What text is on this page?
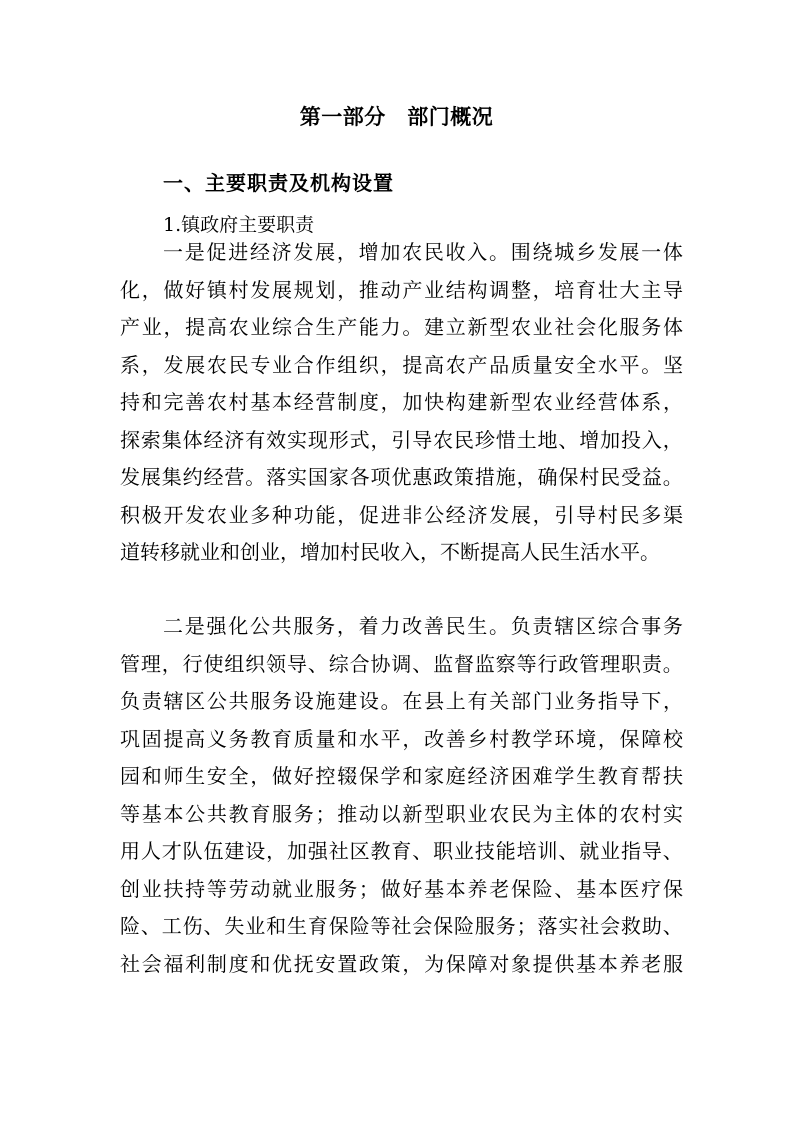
第一部分　部门概况
一、主要职责及机构设置
1.镇政府主要职责
一 是 促 进 经 济 发 展 ， 增 加 农 民 收 入 。 围 绕 城 乡 发 展 一 体
化 ， 做 好 镇 村 发 展 规 划 ， 推 动 产 业 结 构 调 整 ， 培 育 壮 大 主 导
产 业 ， 提 高 农 业 综 合 生 产 能 力 。 建 立 新 型 农 业 社 会 化 服 务 体
系 ， 发 展 农 民 专 业 合 作 组 织 ， 提 高 农 产 品 质 量 安 全 水 平 。 坚
持 和 完 善 农 村 基 本 经 营 制 度 ， 加 快 构 建 新 型 农 业 经 营 体 系 ，
探 索 集 体 经 济 有 效 实 现 形 式 ， 引 导 农 民 珍 惜 土 地 、 增 加 投 入 ，
发 展 集 约 经 营 。 落 实 国 家 各 项 优 惠 政 策 措 施 ， 确 保 村 民 受 益 。
积 极 开 发 农 业 多 种 功 能 ， 促 进 非 公 经 济 发 展 ， 引 导 村 民 多 渠
道 转 移 就 业 和 创 业 ， 增 加 村 民 收 入 ， 不 断 提 高 人 民 生 活 水 平 。
二 是 强 化 公 共 服 务 ， 着 力 改 善 民 生 。 负 责 辖 区 综 合 事 务
管 理 ， 行 使 组 织 领 导 、 综 合 协 调 、 监 督 监 察 等 行 政 管 理 职 责 。
负 责 辖 区 公 共 服 务 设 施 建 设 。 在 县 上 有 关 部 门 业 务 指 导 下 ，
巩 固 提 高 义 务 教 育 质 量 和 水 平 ， 改 善 乡 村 教 学 环 境 ， 保 障 校
园 和 师 生 安 全 ， 做 好 控 辍 保 学 和 家 庭 经 济 困 难 学 生 教 育 帮 扶
等 基 本 公 共 教 育 服 务 ； 推 动 以 新 型 职 业 农 民 为 主 体 的 农 村 实
用 人 才 队 伍 建 设 ， 加 强 社 区 教 育 、 职 业 技 能 培 训 、 就 业 指 导 、
创 业 扶 持 等 劳 动 就 业 服 务 ； 做 好 基 本 养 老 保 险 、 基 本 医 疗 保
险 、 工 伤 、 失 业 和 生 育 保 险 等 社 会 保 险 服 务 ； 落 实 社 会 救 助 、
社 会 福 利 制 度 和 优 抚 安 置 政 策 ， 为 保 障 对 象 提 供 基 本 养 老 服
